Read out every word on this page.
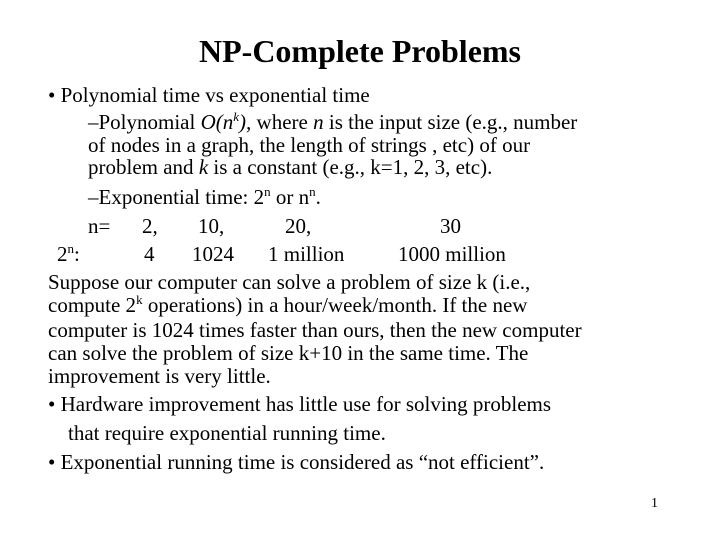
NP-Complete Problems
• Polynomial time vs exponential time
–Polynomial $O(n^k)$, where n is the input size (e.g., number
of nodes in a graph, the length of strings , etc) of our
problem and k is a constant (e.g., k=1, 2, 3, etc).
–Exponential time: 2$^n$ or $n^n$.
n= 2, 10,	20,	30
2$^n$:	4 1024 1 million	1000 million
Suppose our computer can solve a problem of size k (i.e.,
compute 2$^k$ operations) in a hour/week/month. If the new
computer is 1024 times faster than ours, then the new computer
can solve the problem of size k+10 in the same time. The
improvement is very little.
• Hardware improvement has little use for solving problems
that require exponential running time.
• Exponential running time is considered as “not efficient”.
1
